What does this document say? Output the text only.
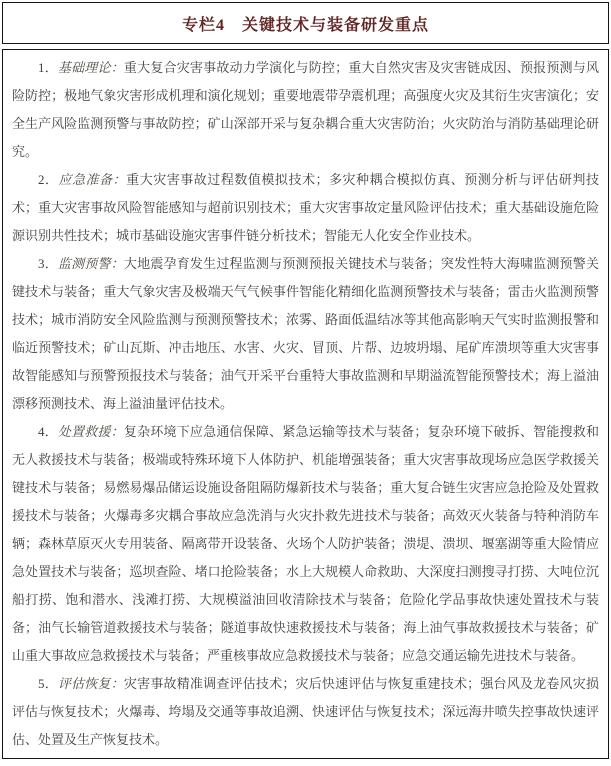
专栏4　关键技术与装备研发重点

1．基础理论：重大复合灾害事故动力学演化与防控；重大自然灾害及灾害链成因、预报预测与风险防控；极地气象灾害形成机理和演化规划；重要地震带孕震机理；高强度火灾及其衍生灾害演化；安全生产风险监测预警与事故防控；矿山深部开采与复杂耦合重大灾害防治；火灾防治与消防基础理论研究。

2．应急准备：重大灾害事故过程数值模拟技术；多灾种耦合模拟仿真、预测分析与评估研判技术；重大灾害事故风险智能感知与超前识别技术；重大灾害事故定量风险评估技术；重大基础设施危险源识别共性技术；城市基础设施灾害事件链分析技术；智能无人化安全作业技术。

3．监测预警：大地震孕育发生过程监测与预测预报关键技术与装备；突发性特大海啸监测预警关键技术与装备；重大气象灾害及极端天气气候事件智能化精细化监测预警技术与装备；雷击火监测预警技术；城市消防安全风险监测与预测预警技术；浓雾、路面低温结冰等其他高影响天气实时监测报警和临近预警技术；矿山瓦斯、冲击地压、水害、火灾、冒顶、片帮、边坡坍塌、尾矿库溃坝等重大灾害事故智能感知与预警预报技术与装备；油气开采平台重特大事故监测和早期溢流智能预警技术；海上溢油漂移预测技术、海上溢油量评估技术。

4．处置救援：复杂环境下应急通信保障、紧急运输等技术与装备；复杂环境下破拆、智能搜救和无人救援技术与装备；极端或特殊环境下人体防护、机能增强装备；重大灾害事故现场应急医学救援关键技术与装备；易燃易爆品储运设施设备阻隔防爆新技术与装备；重大复合链生灾害应急抢险及处置救援技术与装备；火爆毒多灾耦合事故应急洗消与火灾扑救先进技术与装备；高效灭火装备与特种消防车辆；森林草原灭火专用装备、隔离带开设装备、火场个人防护装备；溃堤、溃坝、堰塞湖等重大险情应急处置技术与装备；巡坝查险、堵口抢险装备；水上大规模人命救助、大深度扫测搜寻打捞、大吨位沉船打捞、饱和潜水、浅滩打捞、大规模溢油回收清除技术与装备；危险化学品事故快速处置技术与装备；油气长输管道救援技术与装备；隧道事故快速救援技术与装备；海上油气事故救援技术与装备；矿山重大事故应急救援技术与装备；严重核事故应急救援技术与装备；应急交通运输先进技术与装备。

5．评估恢复：灾害事故精准调查评估技术；灾后快速评估与恢复重建技术；强台风及龙卷风灾损评估与恢复技术；火爆毒、垮塌及交通等事故追溯、快速评估与恢复技术；深远海井喷失控事故快速评估、处置及生产恢复技术。
